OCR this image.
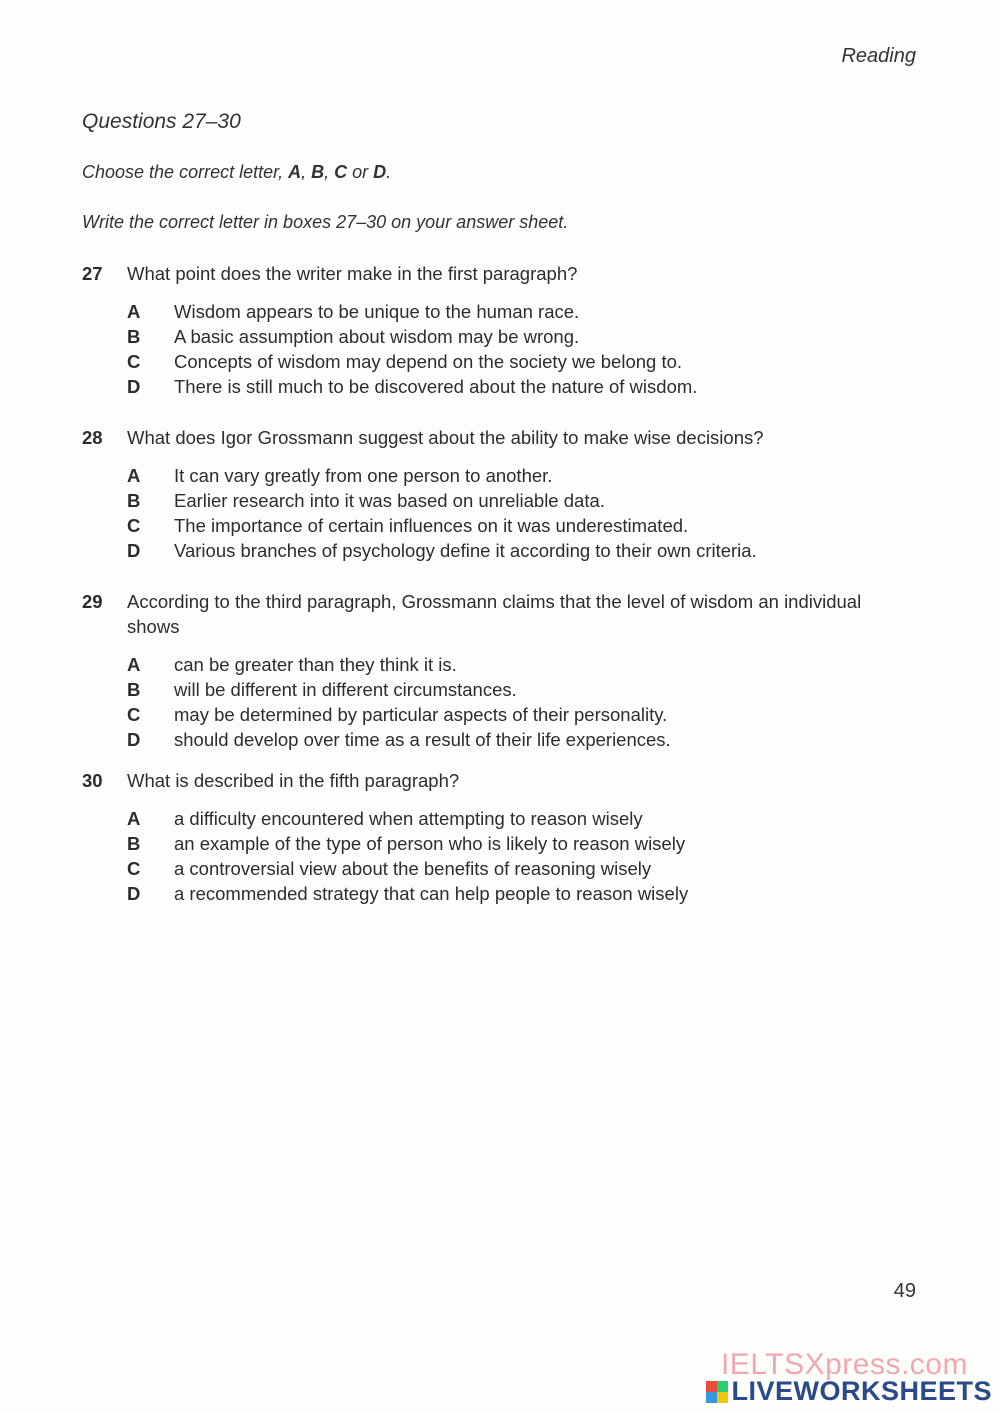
Reading
Questions 27–30
Choose the correct letter, A, B, C or D.
Write the correct letter in boxes 27–30 on your answer sheet.
27	What point does the writer make in the first paragraph?
A	Wisdom appears to be unique to the human race.
B	A basic assumption about wisdom may be wrong.
C	Concepts of wisdom may depend on the society we belong to.
D	There is still much to be discovered about the nature of wisdom.
28	What does Igor Grossmann suggest about the ability to make wise decisions?
A	It can vary greatly from one person to another.
B	Earlier research into it was based on unreliable data.
C	The importance of certain influences on it was underestimated.
D	Various branches of psychology define it according to their own criteria.
29	According to the third paragraph, Grossmann claims that the level of wisdom an individual shows
A	can be greater than they think it is.
B	will be different in different circumstances.
C	may be determined by particular aspects of their personality.
D	should develop over time as a result of their life experiences.
30	What is described in the fifth paragraph?
A	a difficulty encountered when attempting to reason wisely
B	an example of the type of person who is likely to reason wisely
C	a controversial view about the benefits of reasoning wisely
D	a recommended strategy that can help people to reason wisely
49
IELTSXpress.com
LIVEWORKSHEETS
